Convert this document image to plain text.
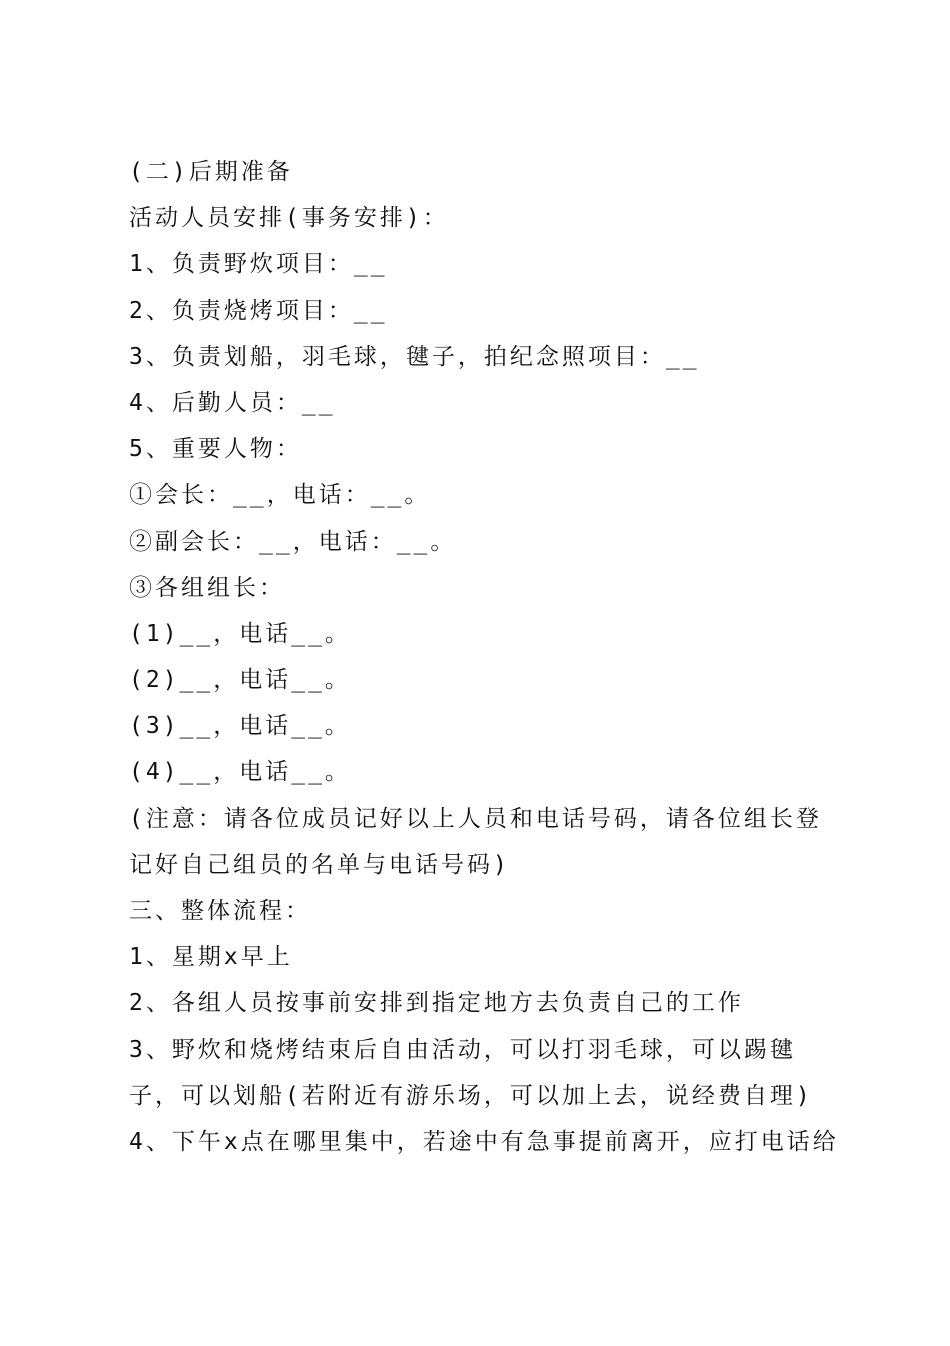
(二)后期准备
活动人员安排(事务安排)：
1、负责野炊项目：__
2、负责烧烤项目：__
3、负责划船，羽毛球，毽子，拍纪念照项目：__
4、后勤人员：__
5、重要人物：
①会长：__，电话：__。
②副会长：__，电话：__。
③各组组长：
(1)__，电话__。
(2)__，电话__。
(3)__，电话__。
(4)__，电话__。
(注意：请各位成员记好以上人员和电话号码，请各位组长登
记好自己组员的名单与电话号码)
三、整体流程：
1、星期x早上
2、各组人员按事前安排到指定地方去负责自己的工作
3、野炊和烧烤结束后自由活动，可以打羽毛球，可以踢毽
子，可以划船(若附近有游乐场，可以加上去，说经费自理)
4、下午x点在哪里集中，若途中有急事提前离开，应打电话给
